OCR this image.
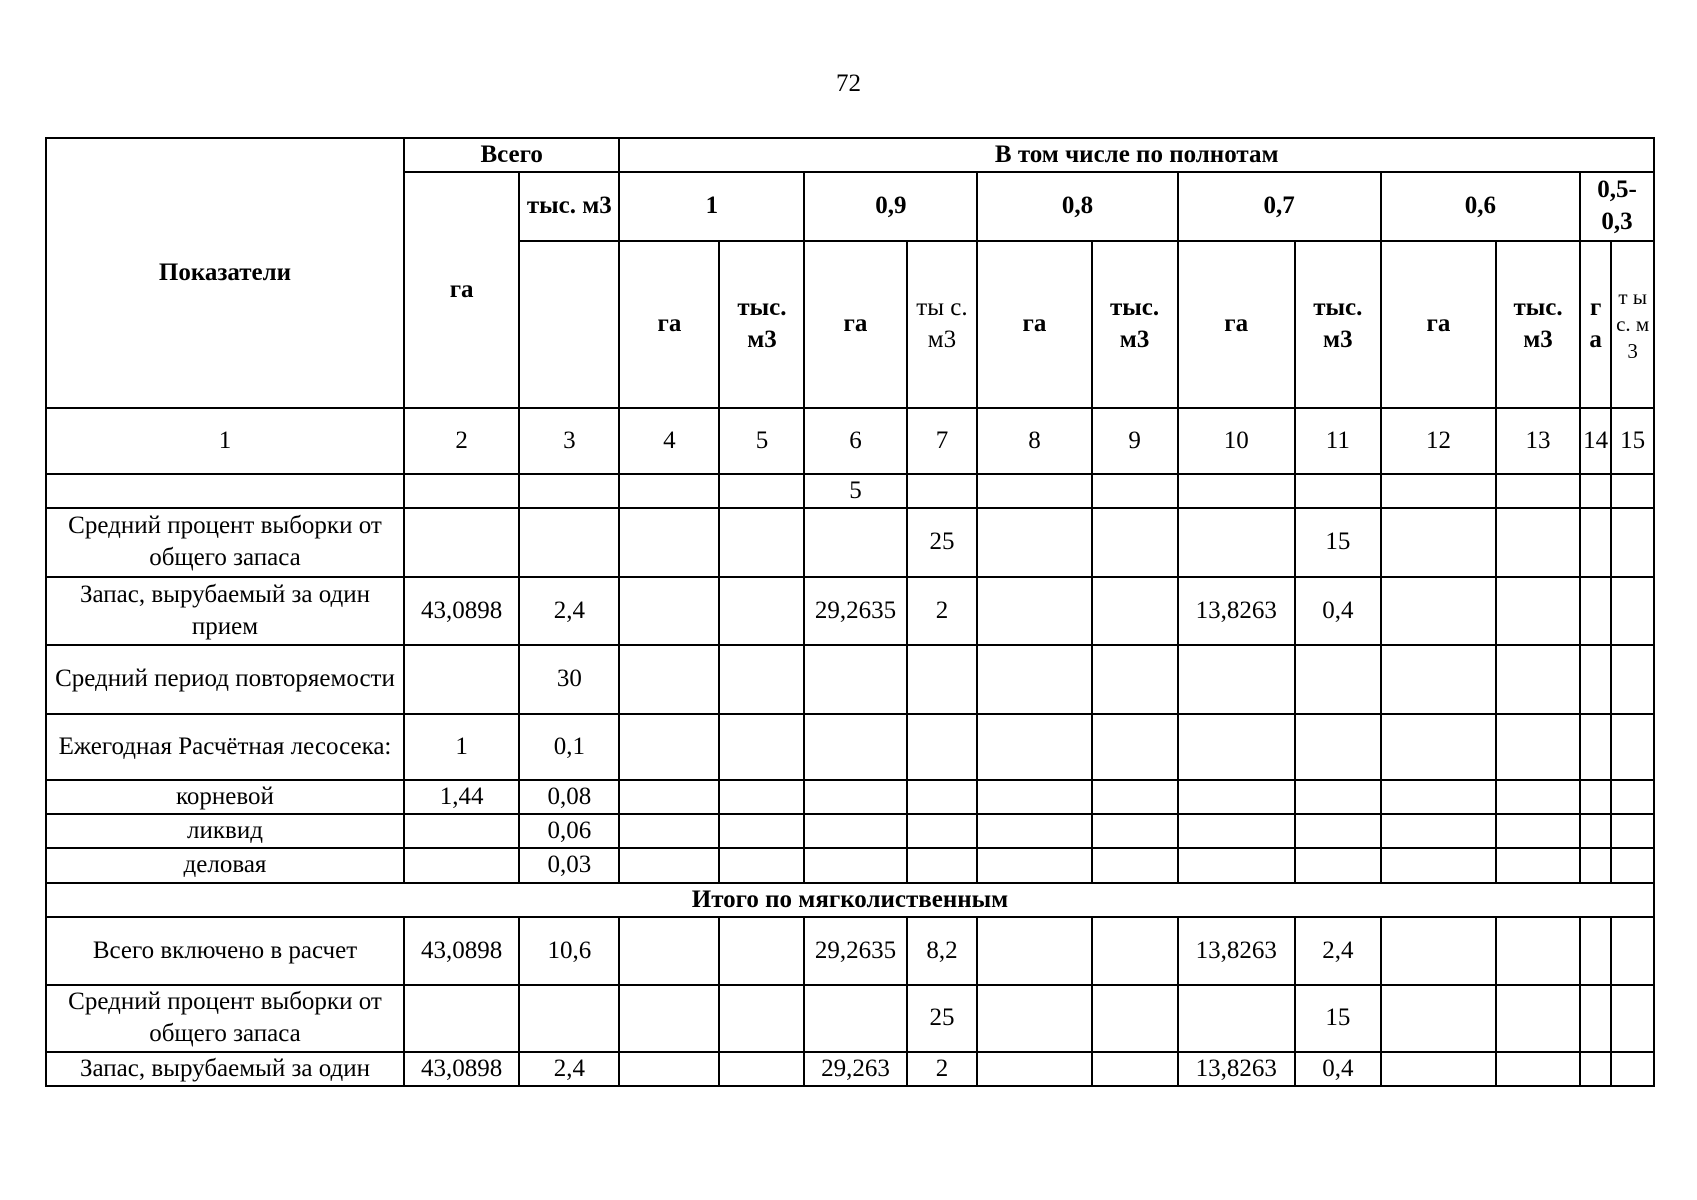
72
Показатели	Всего		В том числе по полнотам											
	га	тыс. м3	1		0,9		0,8		0,7		0,6		0,5-0,3	
			га	тыс. м3	га	ты с. м3	га	тыс. м3	га	тыс. м3	га	тыс. м3	г а	т ы с. м 3
1	2	3	4	5	6	7	8	9	10	11	12	13	14	15
					5									
Средний процент выборки от общего запаса						25				15				
Запас, вырубаемый за один прием	43,0898	2,4			29,2635	2			13,8263	0,4				
Средний период повторяемости		30												
Ежегодная Расчётная лесосека:	1	0,1												
корневой	1,44	0,08												
ликвид		0,06												
деловая		0,03												
Итого по мягколиственным														
Всего включено в расчет	43,0898	10,6			29,2635	8,2			13,8263	2,4				
Средний процент выборки от общего запаса						25				15				
Запас, вырубаемый за один	43,0898	2,4			29,263	2			13,8263	0,4				
